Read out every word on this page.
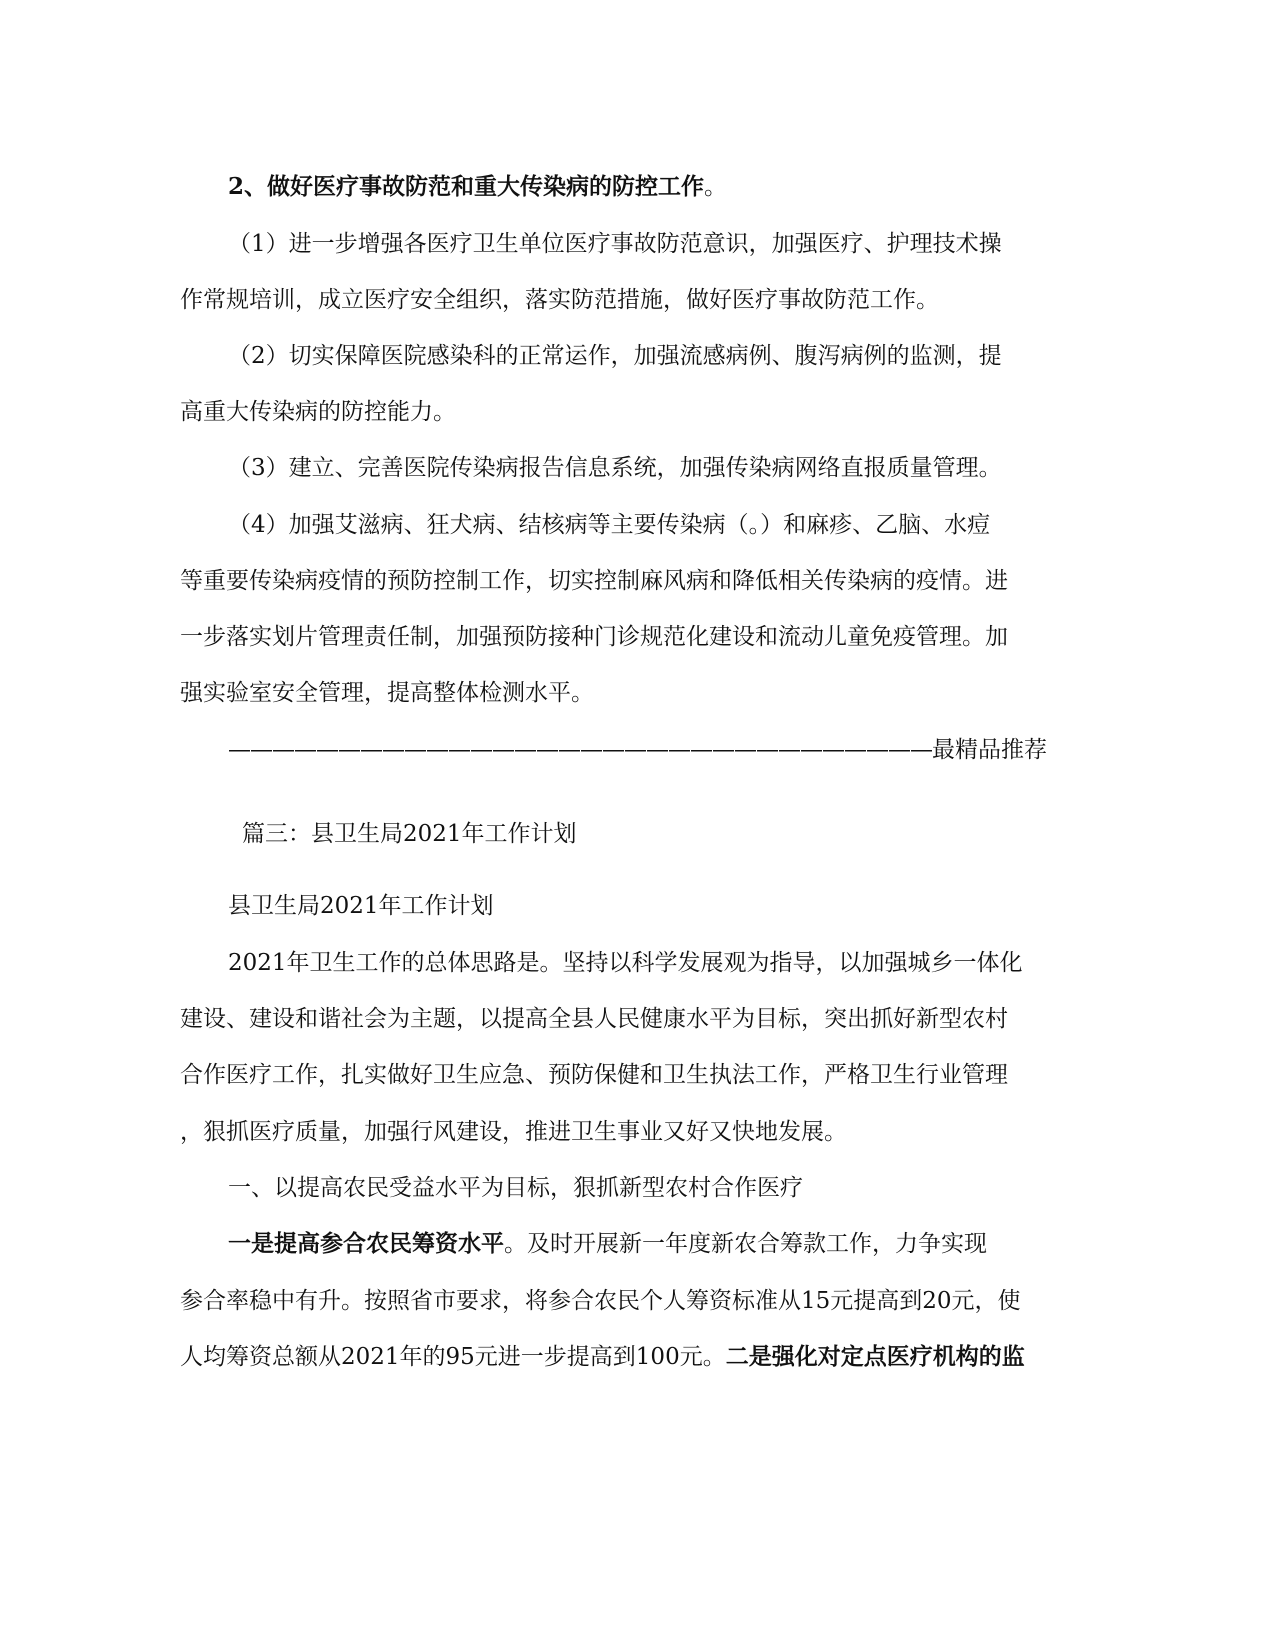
2、做好医疗事故防范和重大传染病的防控工作。
（1）进一步增强各医疗卫生单位医疗事故防范意识，加强医疗、护理技术操
作常规培训，成立医疗安全组织，落实防范措施，做好医疗事故防范工作。
（2）切实保障医院感染科的正常运作，加强流感病例、腹泻病例的监测，提
高重大传染病的防控能力。
（3）建立、完善医院传染病报告信息系统，加强传染病网络直报质量管理。
（4）加强艾滋病、狂犬病、结核病等主要传染病（。）和麻疹、乙脑、水痘
等重要传染病疫情的预防控制工作，切实控制麻风病和降低相关传染病的疫情。进
一步落实划片管理责任制，加强预防接种门诊规范化建设和流动儿童免疫管理。加
强实验室安全管理，提高整体检测水平。
————————————————————————————————最精品推荐
篇三：县卫生局2021年工作计划
县卫生局2021年工作计划
2021年卫生工作的总体思路是。坚持以科学发展观为指导，以加强城乡一体化
建设、建设和谐社会为主题，以提高全县人民健康水平为目标，突出抓好新型农村
合作医疗工作，扎实做好卫生应急、预防保健和卫生执法工作，严格卫生行业管理
，狠抓医疗质量，加强行风建设，推进卫生事业又好又快地发展。
一、以提高农民受益水平为目标，狠抓新型农村合作医疗
一是提高参合农民筹资水平。及时开展新一年度新农合筹款工作，力争实现
参合率稳中有升。按照省市要求，将参合农民个人筹资标准从15元提高到20元，使
人均筹资总额从2021年的95元进一步提高到100元。二是强化对定点医疗机构的监
